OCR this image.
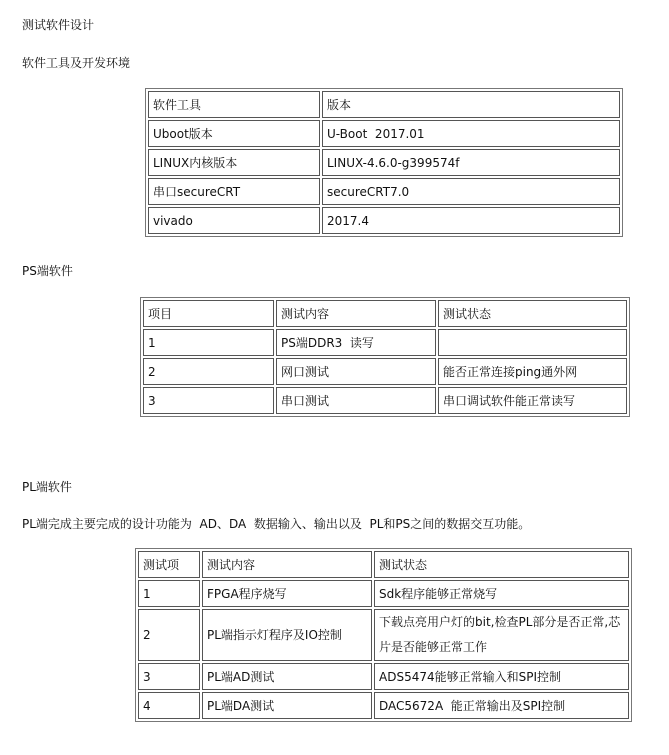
测试软件设计
软件工具及开发环境
软件工具	版本
Uboot版本	U-Boot  2017.01
LINUX内核版本	LINUX-4.6.0-g399574f
串口secureCRT	secureCRT7.0
vivado	2017.4
PS端软件
项目	测试内容	测试状态
1	PS端DDR3  读写	
2	网口测试	能否正常连接ping通外网
3	串口测试	串口调试软件能正常读写
PL端软件
PL端完成主要完成的设计功能为  AD、DA  数据输入、输出以及  PL和PS之间的数据交互功能。
测试项	测试内容	测试状态
1	FPGA程序烧写	Sdk程序能够正常烧写
2	PL端指示灯程序及IO控制	下载点亮用户灯的bit,检查PL部分是否正常,芯片是否能够正常工作
3	PL端AD测试	ADS5474能够正常输入和SPI控制
4	PL端DA测试	DAC5672A  能正常输出及SPI控制
